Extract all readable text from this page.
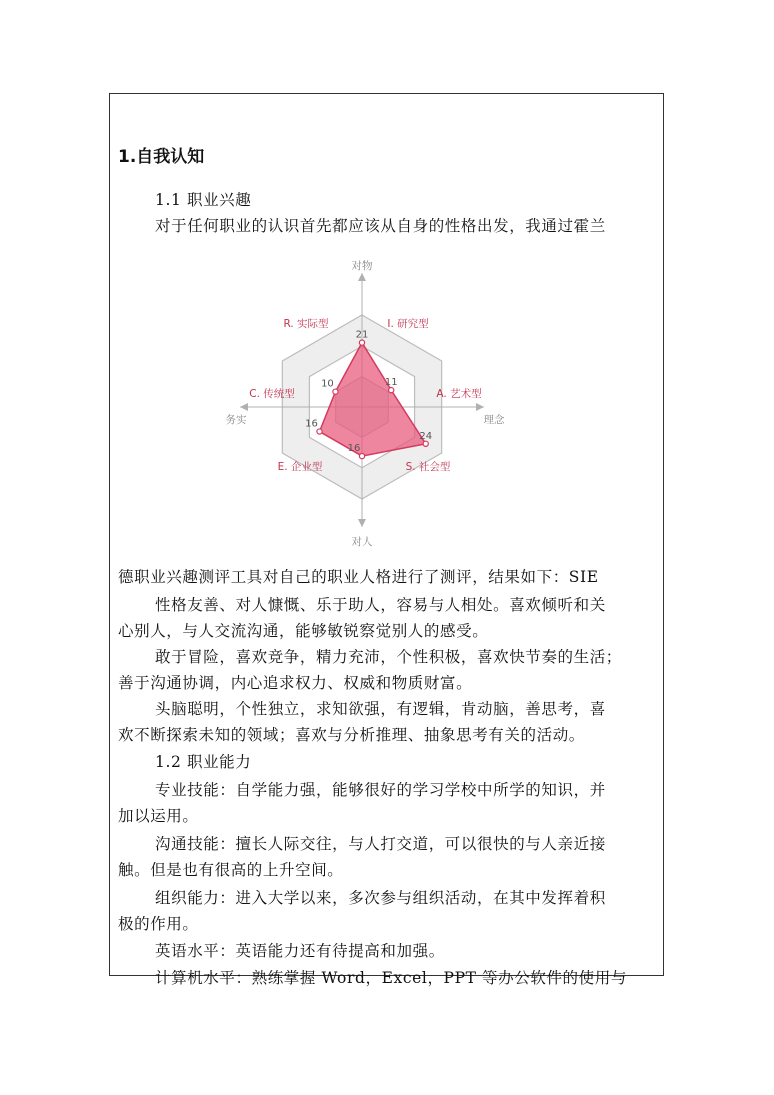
1.自我认知
1.1 职业兴趣
对于任何职业的认识首先都应该从自身的性格出发，我通过霍兰
21
11
24
16
16
10
I. 研究型
A. 艺术型
S. 社会型
E. 企业型
C. 传统型
R. 实际型
对物
对人
务实	理念
德职业兴趣测评工具对自己的职业人格进行了测评，结果如下：SIE
性格友善、对人慷慨、乐于助人，容易与人相处。喜欢倾听和关
心别人，与人交流沟通，能够敏锐察觉别人的感受。
敢于冒险，喜欢竞争，精力充沛，个性积极，喜欢快节奏的生活；
善于沟通协调，内心追求权力、权威和物质财富。
头脑聪明，个性独立，求知欲强，有逻辑，肯动脑，善思考，喜
欢不断探索未知的领域；喜欢与分析推理、抽象思考有关的活动。
1.2 职业能力
专业技能：自学能力强，能够很好的学习学校中所学的知识，并
加以运用。
沟通技能：擅长人际交往，与人打交道，可以很快的与人亲近接
触。但是也有很高的上升空间。
组织能力：进入大学以来，多次参与组织活动，在其中发挥着积
极的作用。
英语水平：英语能力还有待提高和加强。
计算机水平：熟练掌握 Word，Excel，PPT 等办公软件的使用与
